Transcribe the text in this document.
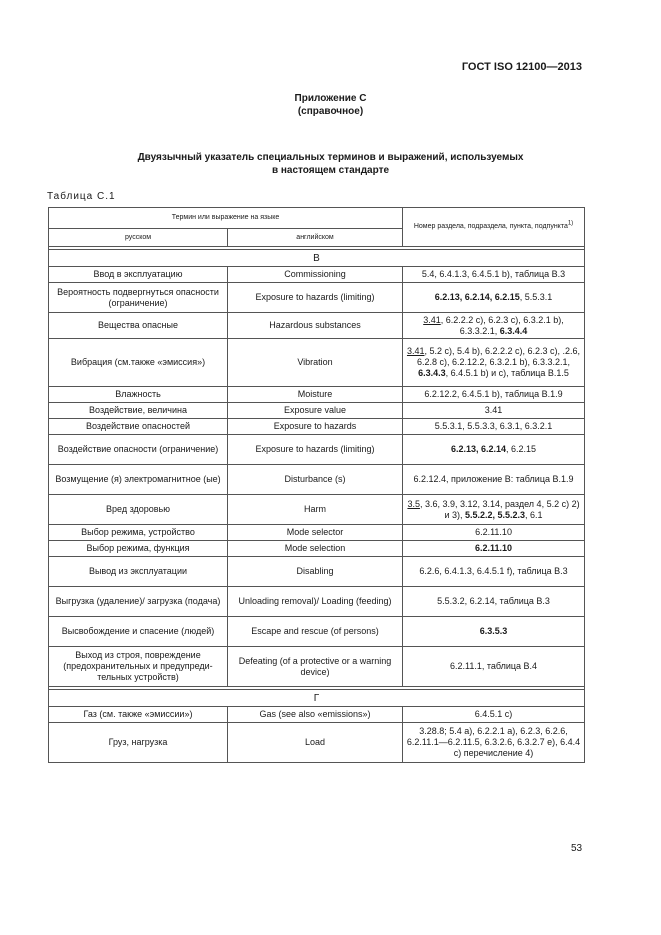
ГОСТ ISO 12100—2013
Приложение С
(справочное)
Двуязычный указатель специальных терминов и выражений, используемых
в настоящем стандарте
Таблица С.1
Термин или выражение на языке		Номер раздела, подраздела, пункта, подпункта$^{1)}$
русском	английском	

В		
Ввод в эксплуатацию	Commissioning	5.4, 6.4.1.3, 6.4.5.1 b), таблица В.3
Вероятность подвергнуться опасности (ограничение)	Exposure to hazards (limiting)	6.2.13, 6.2.14, 6.2.15, 5.5.3.1
Вещества опасные	Hazardous substances	3.41, 6.2.2.2 c), 6.2.3 c), 6.3.2.1 b), 6.3.3.2.1, 6.3.4.4
Вибрация (см.также «эмиссия»)	Vibration	3.41, 5.2 c), 5.4 b), 6.2.2.2 c), 6.2.3 c), .2.6, 6.2.8 c), 6.2.12.2, 6.3.2.1 b), 6.3.3.2.1, 6.3.4.3, 6.4.5.1 b) и c), таблица В.1.5
Влажность	Moisture	6.2.12.2, 6.4.5.1 b), таблица В.1.9
Воздействие, величина	Exposure value	3.41
Воздействие опасностей	Exposure to hazards	5.5.3.1, 5.5.3.3, 6.3.1, 6.3.2.1
Воздействие опасности (ограничение)	Exposure to hazards (limiting)	6.2.13, 6.2.14, 6.2.15
Возмущение (я) электромагнитное (ые)	Disturbance (s)	6.2.12.4, приложение В: таблица В.1.9
Вред здоровью	Harm	3.5, 3.6, 3.9, 3.12, 3.14, раздел 4, 5.2 c) 2) и 3), 5.5.2.2, 5.5.2.3, 6.1
Выбор режима, устройство	Mode selector	6.2.11.10
Выбор режима, функция	Mode selection	6.2.11.10
Вывод из эксплуатации	Disabling	6.2.6, 6.4.1.3, 6.4.5.1 f), таблица В.3
Выгрузка (удаление)/ загрузка (подача)	Unloading removal)/ Loading (feeding)	5.5.3.2, 6.2.14, таблица В.3
Высвобождение и спасение (людей)	Escape and rescue (of persons)	6.3.5.3
Выход из строя, повреждение (предохранительных и предупреди-тельных устройств)	Defeating (of a protective or a warning device)	6.2.11.1, таблица В.4

Г		
Газ (см. также «эмиссии»)	Gas (see also «emissions»)	6.4.5.1 c)
Груз, нагрузка	Load	3.28.8; 5.4 a), 6.2.2.1 a), 6.2.3, 6.2.6, 6.2.11.1—6.2.11.5, 6.3.2.6, 6.3.2.7 e), 6.4.4 c) перечисление 4)
53
